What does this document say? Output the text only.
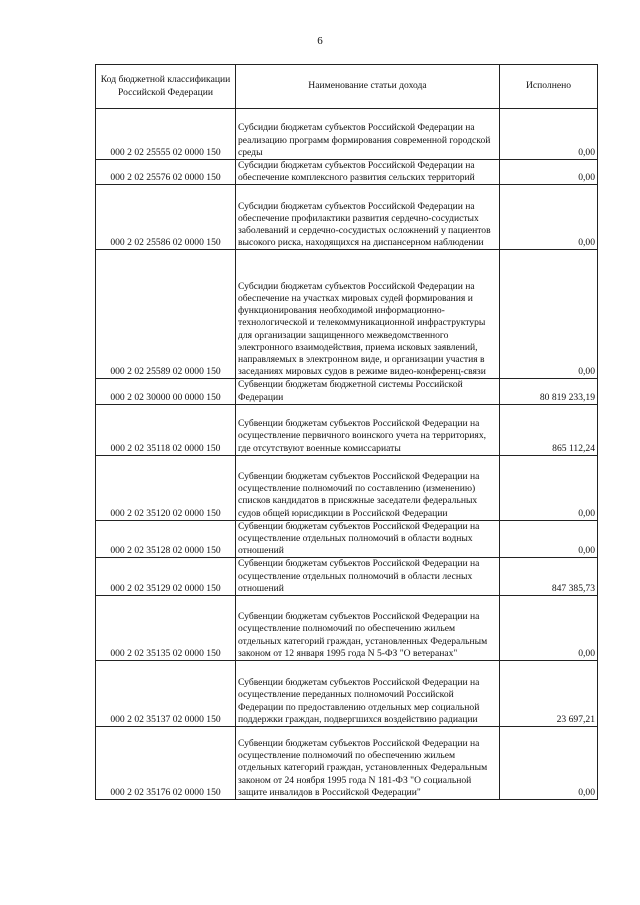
6
Код бюджетной классификации Российской Федерации	Наименование статьи дохода	Исполнено
000 2 02 25555 02 0000 150	Субсидии бюджетам субъектов Российской Федерации на реализацию программ формирования современной городской среды	0,00
000 2 02 25576 02 0000 150	Субсидии бюджетам субъектов Российской Федерации на обеспечение комплексного развития сельских территорий	0,00
000 2 02 25586 02 0000 150	Субсидии бюджетам субъектов Российской Федерации на обеспечение профилактики развития сердечно-сосудистых заболеваний и сердечно-сосудистых осложнений у пациентов высокого риска, находящихся на диспансерном наблюдении	0,00
000 2 02 25589 02 0000 150	Субсидии бюджетам субъектов Российской Федерации на обеспечение на участках мировых судей формирования и функционирования необходимой информационно-технологической и телекоммуникационной инфраструктуры для организации защищенного межведомственного электронного взаимодействия, приема исковых заявлений, направляемых в электронном виде, и организации участия в заседаниях мировых судов в режиме видео-конференц-связи	0,00
000 2 02 30000 00 0000 150	Субвенции бюджетам бюджетной системы Российской Федерации	80 819 233,19
000 2 02 35118 02 0000 150	Субвенции бюджетам субъектов Российской Федерации на осуществление первичного воинского учета на территориях, где отсутствуют военные комиссариаты	865 112,24
000 2 02 35120 02 0000 150	Субвенции бюджетам субъектов Российской Федерации на осуществление полномочий по составлению (изменению) списков кандидатов в присяжные заседатели федеральных судов общей юрисдикции в Российской Федерации	0,00
000 2 02 35128 02 0000 150	Субвенции бюджетам субъектов Российской Федерации на осуществление отдельных полномочий в области водных отношений	0,00
000 2 02 35129 02 0000 150	Субвенции бюджетам субъектов Российской Федерации на осуществление отдельных полномочий в области лесных отношений	847 385,73
000 2 02 35135 02 0000 150	Субвенции бюджетам субъектов Российской Федерации на осуществление полномочий по обеспечению жильем отдельных категорий граждан, установленных Федеральным законом от 12 января 1995 года N 5-ФЗ "О ветеранах"	0,00
000 2 02 35137 02 0000 150	Субвенции бюджетам субъектов Российской Федерации на осуществление переданных полномочий Российской Федерации по предоставлению отдельных мер социальной поддержки граждан, подвергшихся воздействию радиации	23 697,21
000 2 02 35176 02 0000 150	Субвенции бюджетам субъектов Российской Федерации на осуществление полномочий по обеспечению жильем отдельных категорий граждан, установленных Федеральным законом от 24 ноября 1995 года N 181-ФЗ "О социальной защите инвалидов в Российской Федерации"	0,00
